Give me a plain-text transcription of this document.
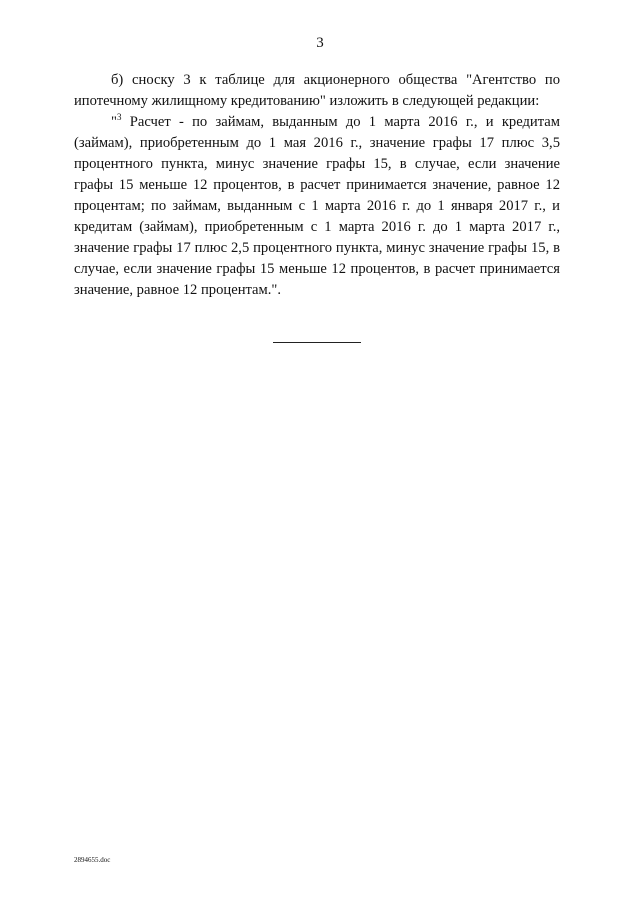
3

б) сноску 3 к таблице для акционерного общества "Агентство по ипотечному жилищному кредитованию" изложить в следующей редакции:

"$^3$ Расчет - по займам, выданным до 1 марта 2016 г., и кредитам (займам), приобретенным до 1 мая 2016 г., значение графы 17 плюс 3,5 процентного пункта, минус значение графы 15, в случае, если значение графы 15 меньше 12 процентов, в расчет принимается значение, равное 12 процентам; по займам, выданным с 1 марта 2016 г. до 1 января 2017 г., и кредитам (займам), приобретенным с 1 марта 2016 г. до 1 марта 2017 г., значение графы 17 плюс 2,5 процентного пункта, минус значение графы 15, в случае, если значение графы 15 меньше 12 процентов, в расчет принимается значение, равное 12 процентам.".

2894655.doc
